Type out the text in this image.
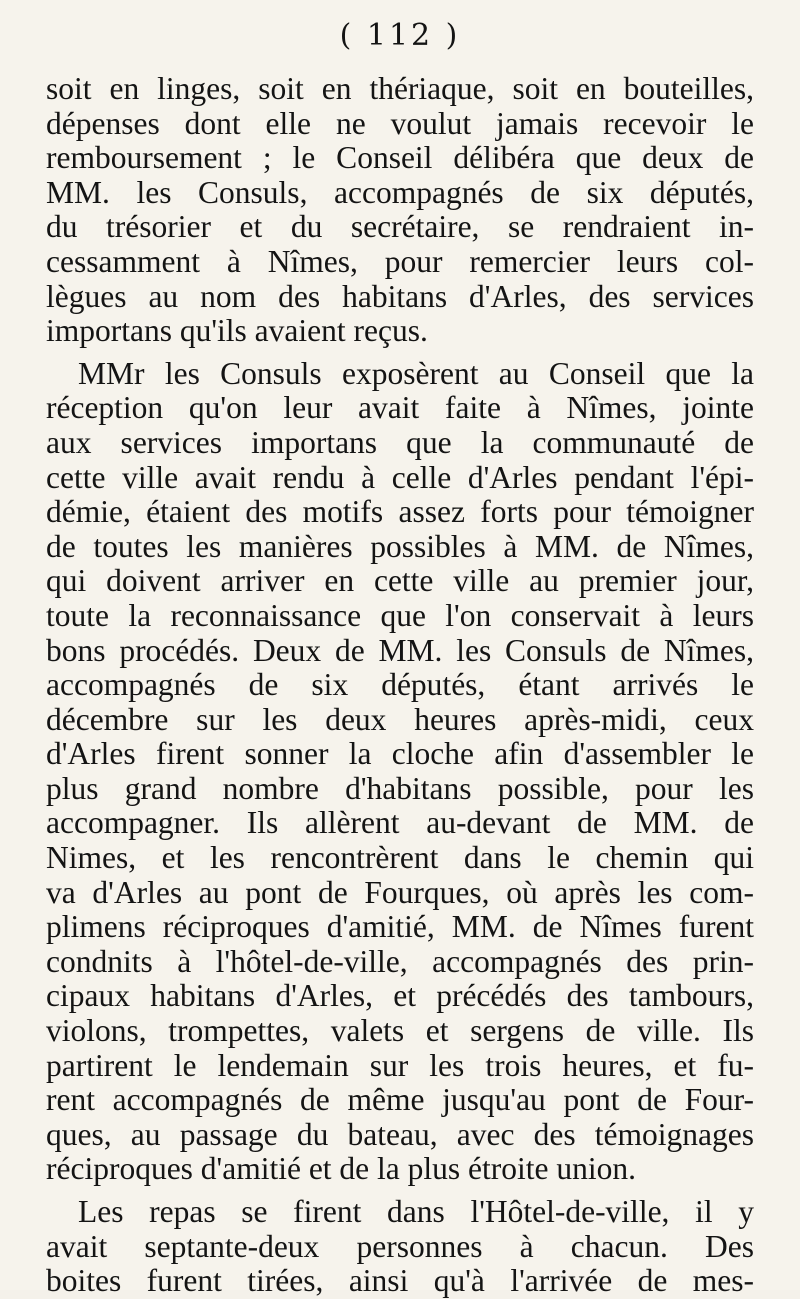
( 112 )
soit en linges, soit en thériaque, soit en bouteilles,
dépenses dont elle ne voulut jamais recevoir le
remboursement ; le Conseil délibéra que deux de
MM. les Consuls, accompagnés de six députés,
du trésorier et du secrétaire, se rendraient in-
cessamment à Nîmes, pour remercier leurs col-
lègues au nom des habitans d'Arles, des services
importans qu'ils avaient reçus.
MMr les Consuls exposèrent au Conseil que la
réception qu'on leur avait faite à Nîmes, jointe
aux services importans que la communauté de
cette ville avait rendu à celle d'Arles pendant l'épi-
démie, étaient des motifs assez forts pour témoigner
de toutes les manières possibles à MM. de Nîmes,
qui doivent arriver en cette ville au premier jour,
toute la reconnaissance que l'on conservait à leurs
bons procédés. Deux de MM. les Consuls de Nîmes,
accompagnés de six députés, étant arrivés le
décembre sur les deux heures après-midi, ceux
d'Arles firent sonner la cloche afin d'assembler le
plus grand nombre d'habitans possible, pour les
accompagner. Ils allèrent au-devant de MM. de
Nimes, et les rencontrèrent dans le chemin qui
va d'Arles au pont de Fourques, où après les com-
plimens réciproques d'amitié, MM. de Nîmes furent
condnits à l'hôtel-de-ville, accompagnés des prin-
cipaux habitans d'Arles, et précédés des tambours,
violons, trompettes, valets et sergens de ville. Ils
partirent le lendemain sur les trois heures, et fu-
rent accompagnés de même jusqu'au pont de Four-
ques, au passage du bateau, avec des témoignages
réciproques d'amitié et de la plus étroite union.
Les repas se firent dans l'Hôtel-de-ville, il y
avait septante-deux personnes à chacun. Des
boites furent tirées, ainsi qu'à l'arrivée de mes-
